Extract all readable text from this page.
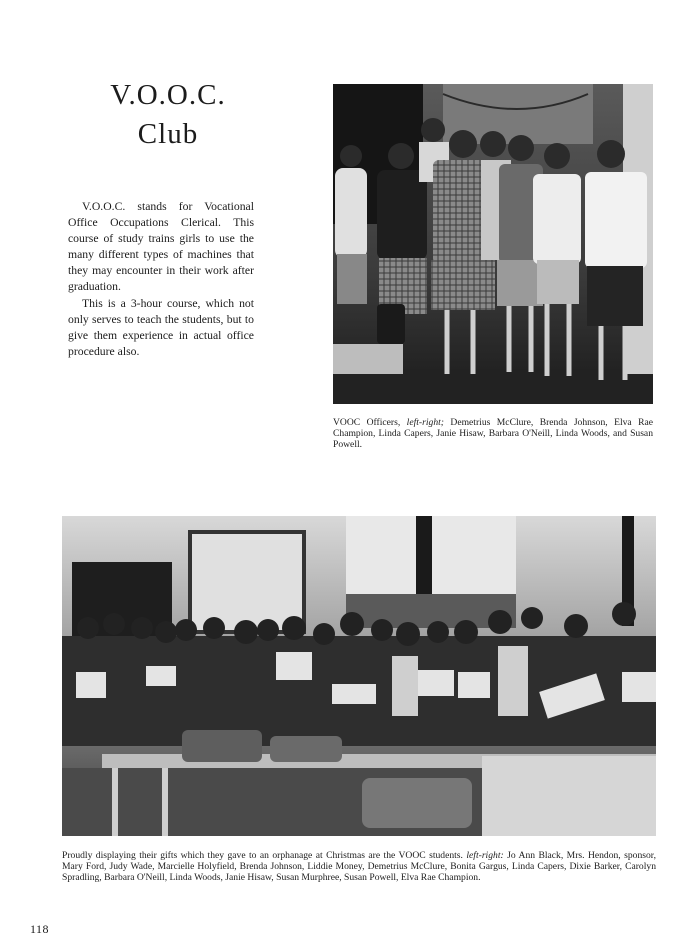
V.O.O.C.
Club

V.O.O.C. stands for Vocational Office Occupations Clerical. This course of study trains girls to use the many different types of machines that they may encounter in their work after graduation.

This is a 3-hour course, which not only serves to teach the students, but to give them experience in actual office procedure also.

VOOC Officers, left-right; Demetrius McClure, Brenda Johnson, Elva Rae Champion, Linda Capers, Janie Hisaw, Barbara O'Neill, Linda Woods, and Susan Powell.
Proudly displaying their gifts which they gave to an orphanage at Christmas are the VOOC students. left-right: Jo Ann Black, Mrs. Hendon, sponsor, Mary Ford, Judy Wade, Marcielle Holyfield, Brenda Johnson, Liddie Money, Demetrius McClure, Bonita Gargus, Linda Capers, Dixie Barker, Carolyn Spradling, Barbara O'Neill, Linda Woods, Janie Hisaw, Susan Murphree, Susan Powell, Elva Rae Champion.
118
